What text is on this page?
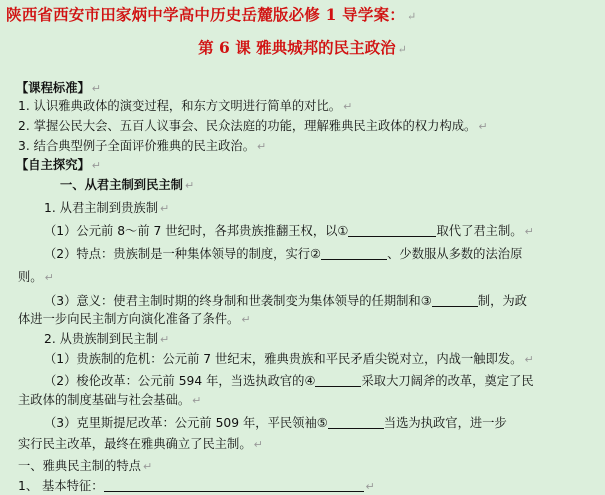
陕西省西安市田家炳中学高中历史岳麓版必修 1 导学案： ↵
第 6 课 雅典城邦的民主政治 ↵
【课程标准】 ↵
1. 认识雅典政体的演变过程，和东方文明进行简单的对比。 ↵
2. 掌握公民大会、五百人议事会、民众法庭的功能，理解雅典民主政体的权力构成。 ↵
3. 结合典型例子全面评价雅典的民主政治。 ↵
【自主探究】 ↵
一、从君主制到民主制 ↵
1. 从君主制到贵族制 ↵
（1）公元前 8～前 7 世纪时，各邦贵族推翻王权，以①	取代了君主制。 ↵
（2）特点：贵族制是一种集体领导的制度，实行②	、少数服从多数的法治原
则。 ↵
（3）意义：使君主制时期的终身制和世袭制变为集体领导的任期制和③	制，为政
体进一步向民主制方向演化准备了条件。 ↵
2. 从贵族制到民主制 ↵
（1）贵族制的危机：公元前 7 世纪末，雅典贵族和平民矛盾尖锐对立，内战一触即发。 ↵
（2）梭伦改革：公元前 594 年，当选执政官的④	采取大刀阔斧的改革，奠定了民
主政体的制度基础与社会基础。 ↵
（3）克里斯提尼改革：公元前 509 年，平民领袖⑤	当选为执政官，进一步
实行民主改革，最终在雅典确立了民主制。 ↵
一、雅典民主制的特点 ↵
1、 基本特征：	↵
